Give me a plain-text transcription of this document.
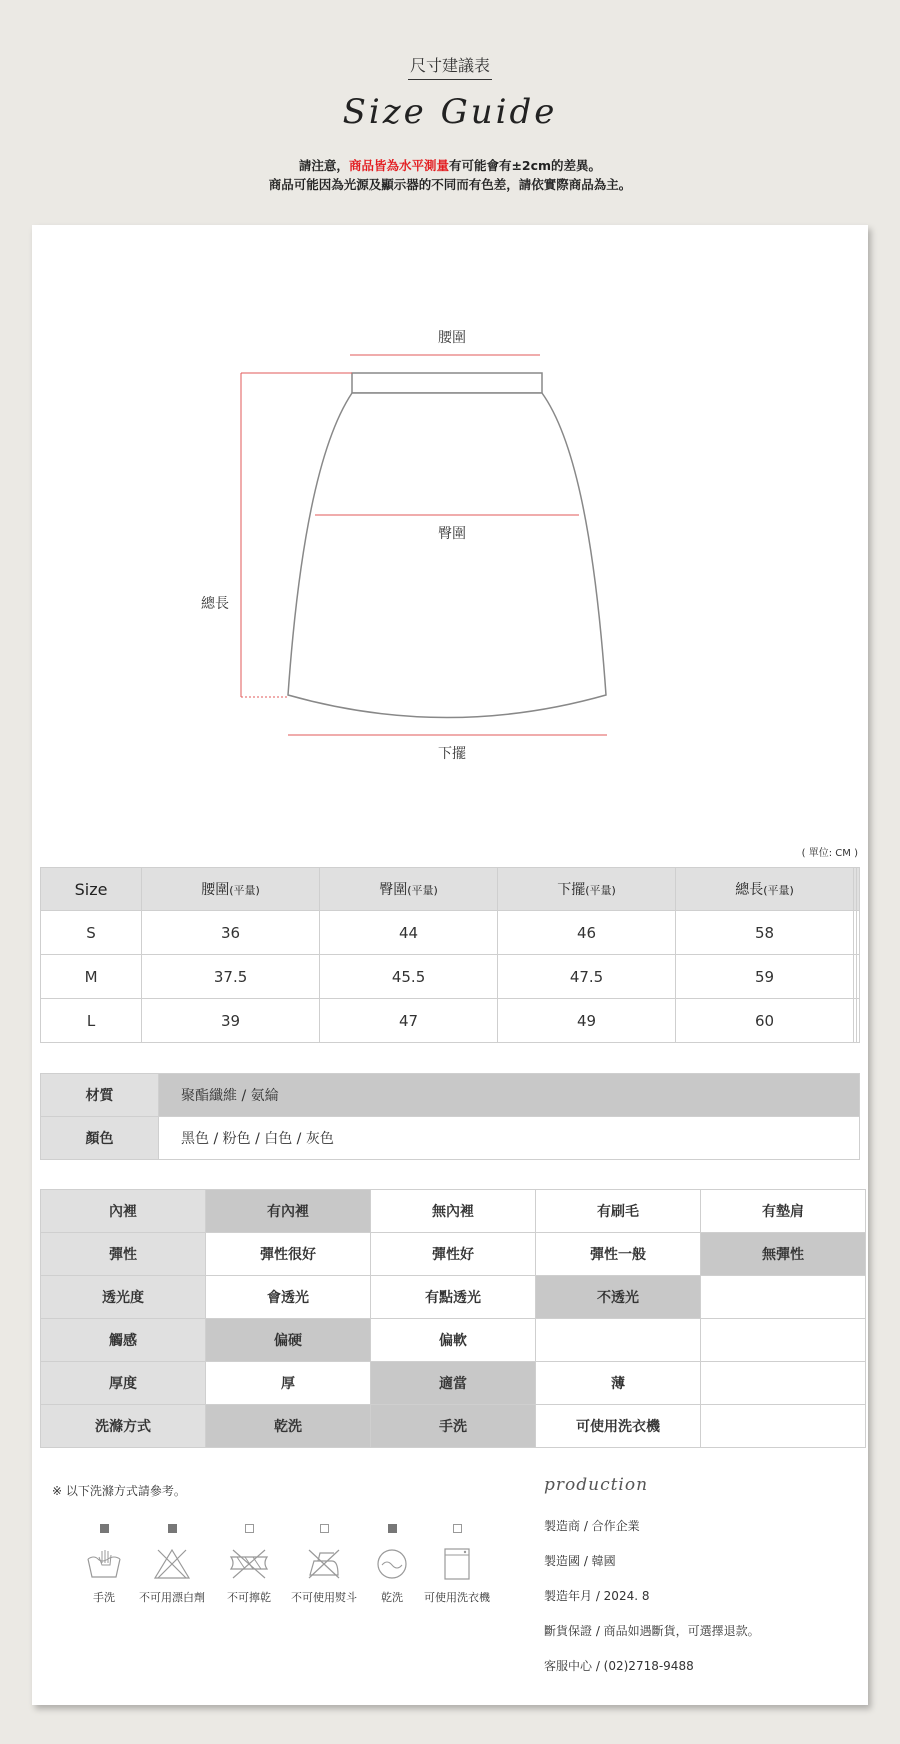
尺寸建議表
Size Guide
請注意，商品皆為水平測量有可能會有±2cm的差異。
商品可能因為光源及顯示器的不同而有色差，請依實際商品為主。
腰圍
臀圍
總長
下擺
( 單位: CM )
Size	腰圍(平量)	臀圍(平量)	下擺(平量)	總長(平量)		
S	36	44	46	58		
M	37.5	45.5	47.5	59		
L	39	47	49	60		
材質	聚酯纖維 / 氨綸
顏色	黑色 / 粉色 / 白色 / 灰色
內裡	有內裡	無內裡	有刷毛	有墊肩
彈性	彈性很好	彈性好	彈性一般	無彈性
透光度	會透光	有點透光	不透光	
觸感	偏硬	偏軟		
厚度	厚	適當	薄	
洗滌方式	乾洗	手洗	可使用洗衣機	
※ 以下洗滌方式請參考。
手洗	不可用漂白劑	不可擰乾	不可使用熨斗	乾洗	可使用洗衣機
production
製造商 / 合作企業
製造國 / 韓國
製造年月 / 2024. 8
斷貨保證 / 商品如遇斷貨，可選擇退款。
客服中心 / (02)2718-9488
